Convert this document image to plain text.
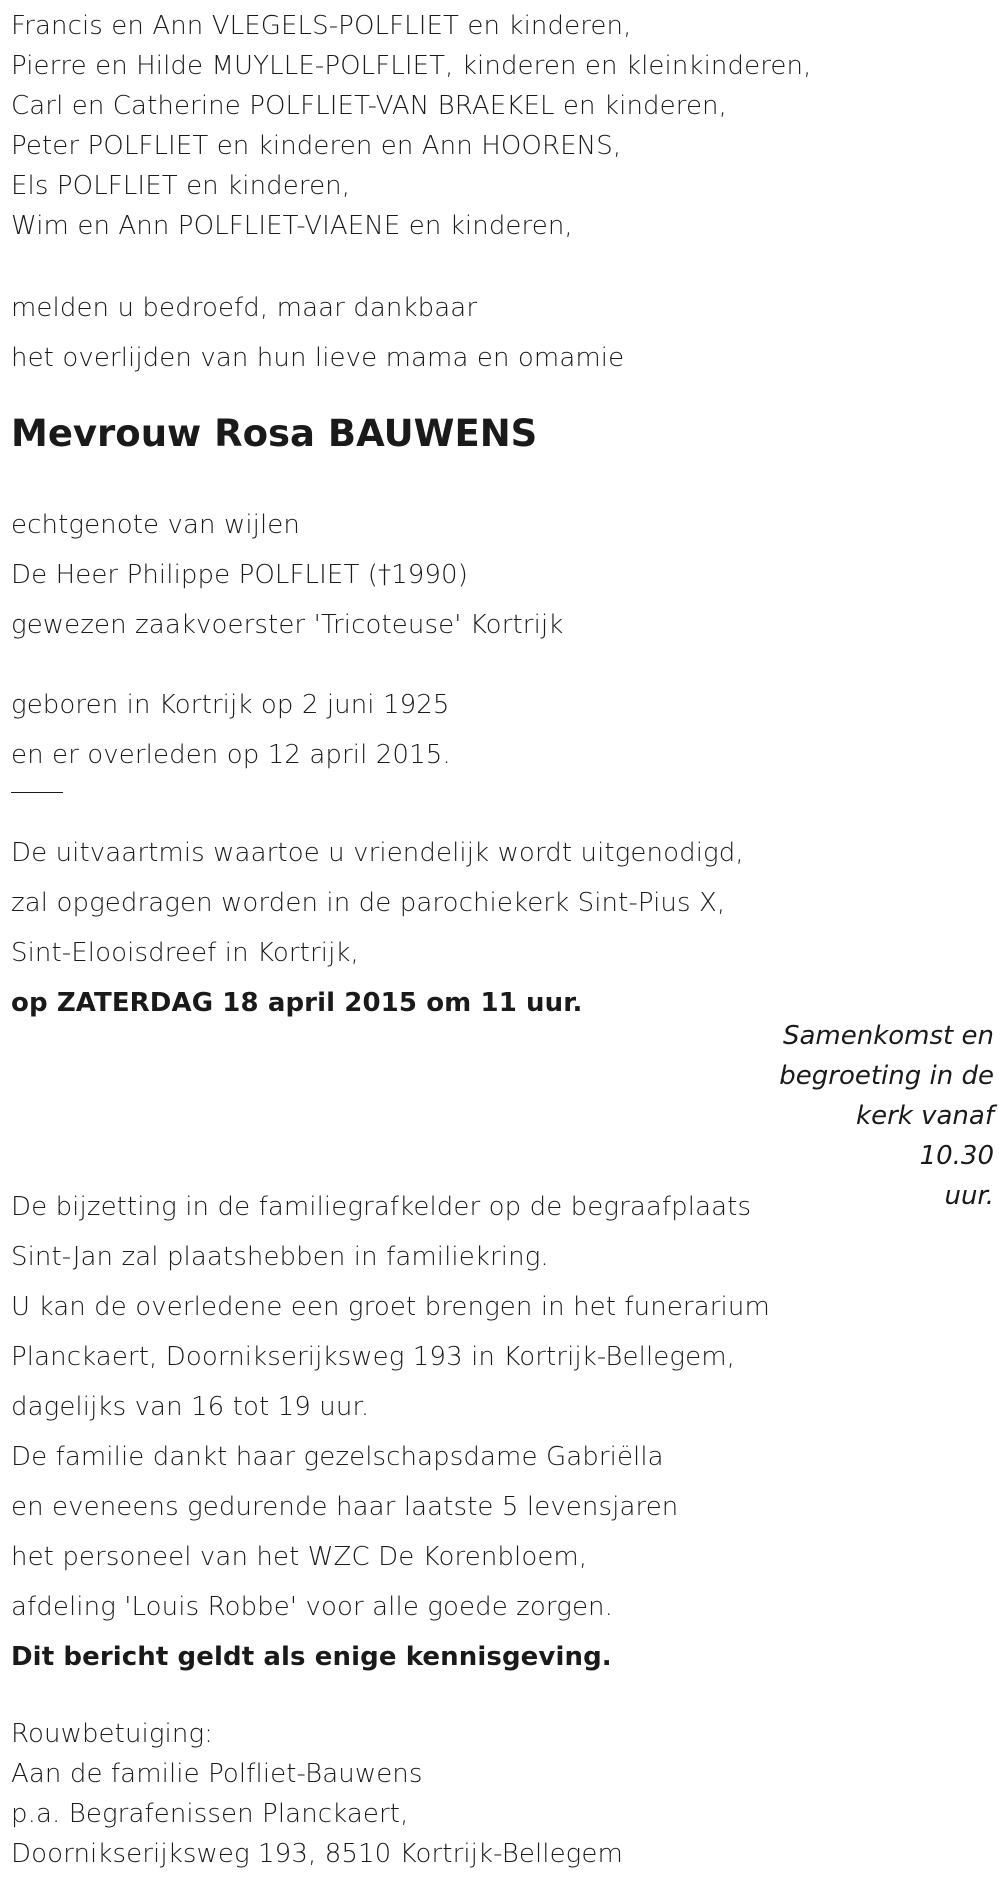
Francis en Ann VLEGELS-POLFLIET en kinderen,
Pierre en Hilde MUYLLE-POLFLIET, kinderen en kleinkinderen,
Carl en Catherine POLFLIET-VAN BRAEKEL en kinderen,
Peter POLFLIET en kinderen en Ann HOORENS,
Els POLFLIET en kinderen,
Wim en Ann POLFLIET-VIAENE en kinderen,
melden u bedroefd, maar dankbaar
het overlijden van hun lieve mama en omamie
Mevrouw Rosa BAUWENS
echtgenote van wijlen
De Heer Philippe POLFLIET (†1990)
gewezen zaakvoerster 'Tricoteuse' Kortrijk
geboren in Kortrijk op 2 juni 1925
en er overleden op 12 april 2015.
De uitvaartmis waartoe u vriendelijk wordt uitgenodigd,
zal opgedragen worden in de parochiekerk Sint-Pius X,
Sint-Elooisdreef in Kortrijk,
op ZATERDAG 18 april 2015 om 11 uur.
Samenkomst en
begroeting in de
kerk vanaf 10.30
uur.
De bijzetting in de familiegrafkelder op de begraafplaats
Sint-Jan zal plaatshebben in familiekring.
U kan de overledene een groet brengen in het funerarium
Planckaert, Doornikserijksweg 193 in Kortrijk-Bellegem,
dagelijks van 16 tot 19 uur.
De familie dankt haar gezelschapsdame Gabriëlla
en eveneens gedurende haar laatste 5 levensjaren
het personeel van het WZC De Korenbloem,
afdeling 'Louis Robbe' voor alle goede zorgen.
Dit bericht geldt als enige kennisgeving.
Rouwbetuiging:
Aan de familie Polfliet-Bauwens
p.a. Begrafenissen Planckaert,
Doornikserijksweg 193, 8510 Kortrijk-Bellegem
